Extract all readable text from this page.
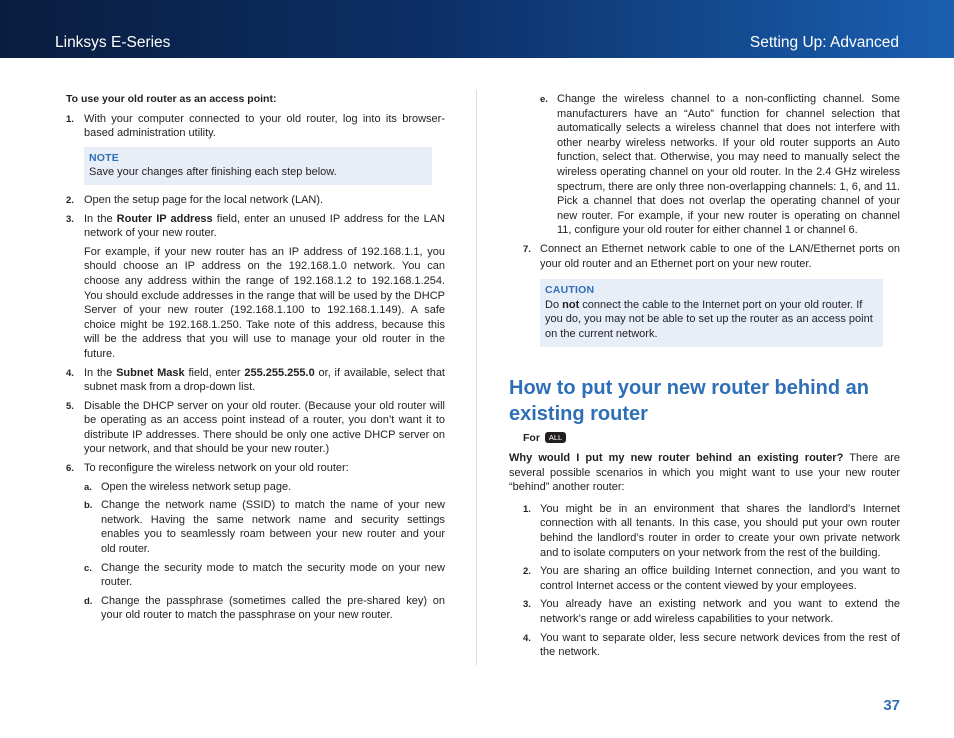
Linksys E-Series	Setting Up: Advanced
To use your old router as an access point:
1. With your computer connected to your old router, log into its browser-based administration utility.
NOTE
Save your changes after finishing each step below.
2. Open the setup page for the local network (LAN).
3. In the Router IP address field, enter an unused IP address for the LAN network of your new router.
For example, if your new router has an IP address of 192.168.1.1, you should choose an IP address on the 192.168.1.0 network. You can choose any address within the range of 192.168.1.2 to 192.168.1.254. You should exclude addresses in the range that will be used by the DHCP Server of your new router (192.168.1.100 to 192.168.1.149). A safe choice might be 192.168.1.250. Take note of this address, because this will be the address that you will use to manage your old router in the future.
4. In the Subnet Mask field, enter 255.255.255.0 or, if available, select that subnet mask from a drop-down list.
5. Disable the DHCP server on your old router. (Because your old router will be operating as an access point instead of a router, you don’t want it to distribute IP addresses. There should be only one active DHCP server on your network, and that should be your new router.)
6. To reconfigure the wireless network on your old router:
a. Open the wireless network setup page.
b. Change the network name (SSID) to match the name of your new network. Having the same network name and security settings enables you to seamlessly roam between your new router and your old router.
c. Change the security mode to match the security mode on your new router.
d. Change the passphrase (sometimes called the pre-shared key) on your old router to match the passphrase on your new router.
e. Change the wireless channel to a non-conflicting channel. Some manufacturers have an “Auto” function for channel selection that automatically selects a wireless channel that does not interfere with other nearby wireless networks. If your old router supports an Auto function, select that. Otherwise, you may need to manually select the wireless operating channel on your old router. In the 2.4 GHz wireless spectrum, there are only three non-overlapping channels: 1, 6, and 11. Pick a channel that does not overlap the operating channel of your new router. For example, if your new router is operating on channel 11, configure your old router for either channel 1 or channel 6.
7. Connect an Ethernet network cable to one of the LAN/Ethernet ports on your old router and an Ethernet port on your new router.
CAUTION
Do not connect the cable to the Internet port on your old router. If you do, you may not be able to set up the router as an access point on the current network.
How to put your new router behind an existing router
For ALL
Why would I put my new router behind an existing router? There are several possible scenarios in which you might want to use your new router “behind” another router:
1. You might be in an environment that shares the landlord’s Internet connection with all tenants. In this case, you should put your own router behind the landlord’s router in order to create your own private network and to isolate computers on your network from the rest of the building.
2. You are sharing an office building Internet connection, and you want to control Internet access or the content viewed by your employees.
3. You already have an existing network and you want to extend the network’s range or add wireless capabilities to your network.
4. You want to separate older, less secure network devices from the rest of the network.
37
